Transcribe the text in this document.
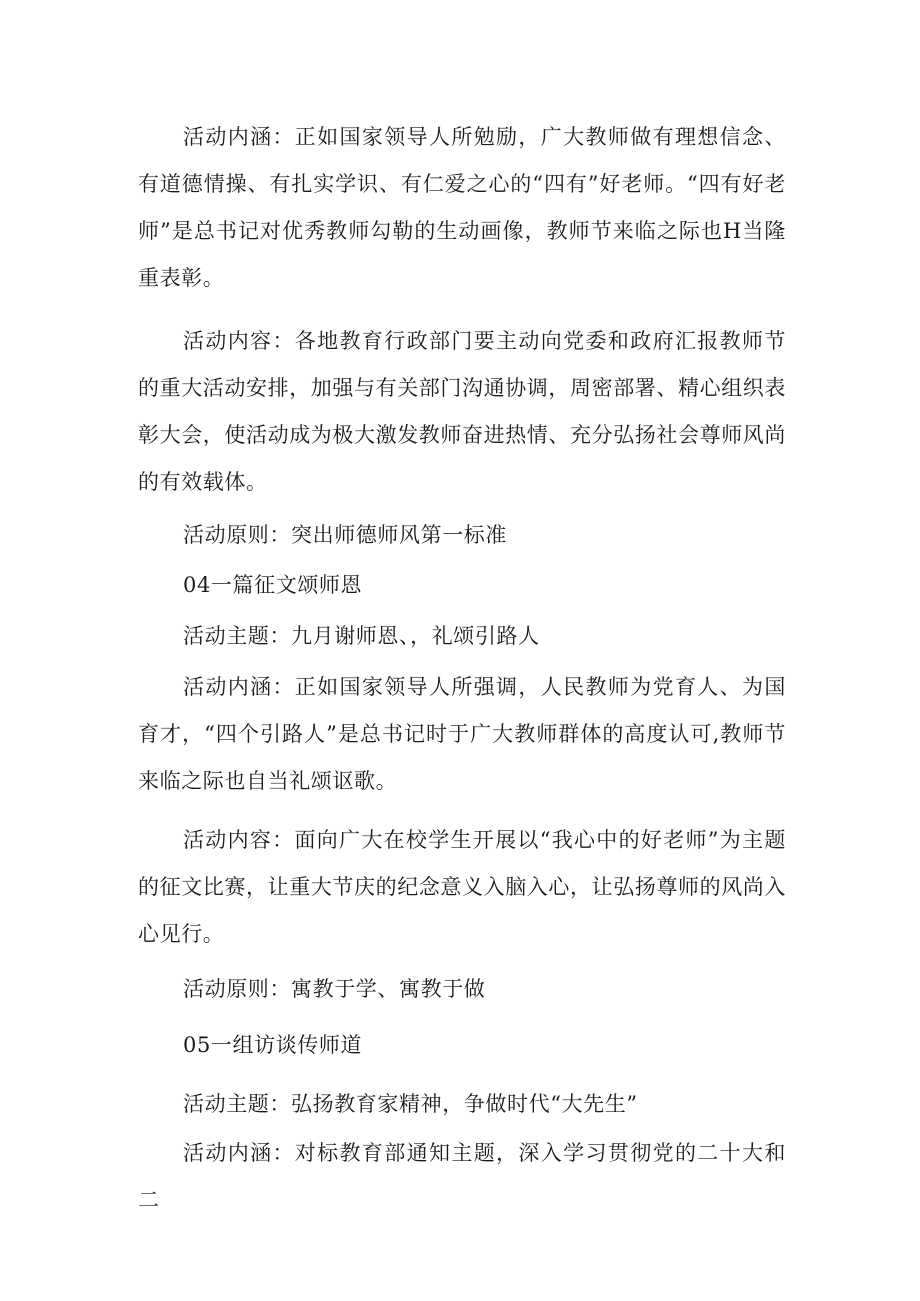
活动内涵：正如国家领导人所勉励，广大教师做有理想信念、有道德情操、有扎实学识、有仁爱之心的“四有”好老师。“四有好老师”是总书记对优秀教师勾勒的生动画像，教师节来临之际也H当隆重表彰。

活动内容：各地教育行政部门要主动向党委和政府汇报教师节的重大活动安排，加强与有关部门沟通协调，周密部署、精心组织表彰大会，使活动成为极大激发教师奋进热情、充分弘扬社会尊师风尚的有效载体。

活动原则：突出师德师风第一标准

04一篇征文颂师恩

活动主题：九月谢师恩、，礼颂引路人

活动内涵：正如国家领导人所强调，人民教师为党育人、为国育才，“四个引路人”是总书记时于广大教师群体的高度认可,教师节来临之际也自当礼颂讴歌。

活动内容：面向广大在校学生开展以“我心中的好老师”为主题的征文比赛，让重大节庆的纪念意义入脑入心，让弘扬尊师的风尚入心见行。

活动原则：寓教于学、寓教于做

05一组访谈传师道

活动主题：弘扬教育家精神，争做时代“大先生”

活动内涵：对标教育部通知主题，深入学习贯彻党的二十大和二
